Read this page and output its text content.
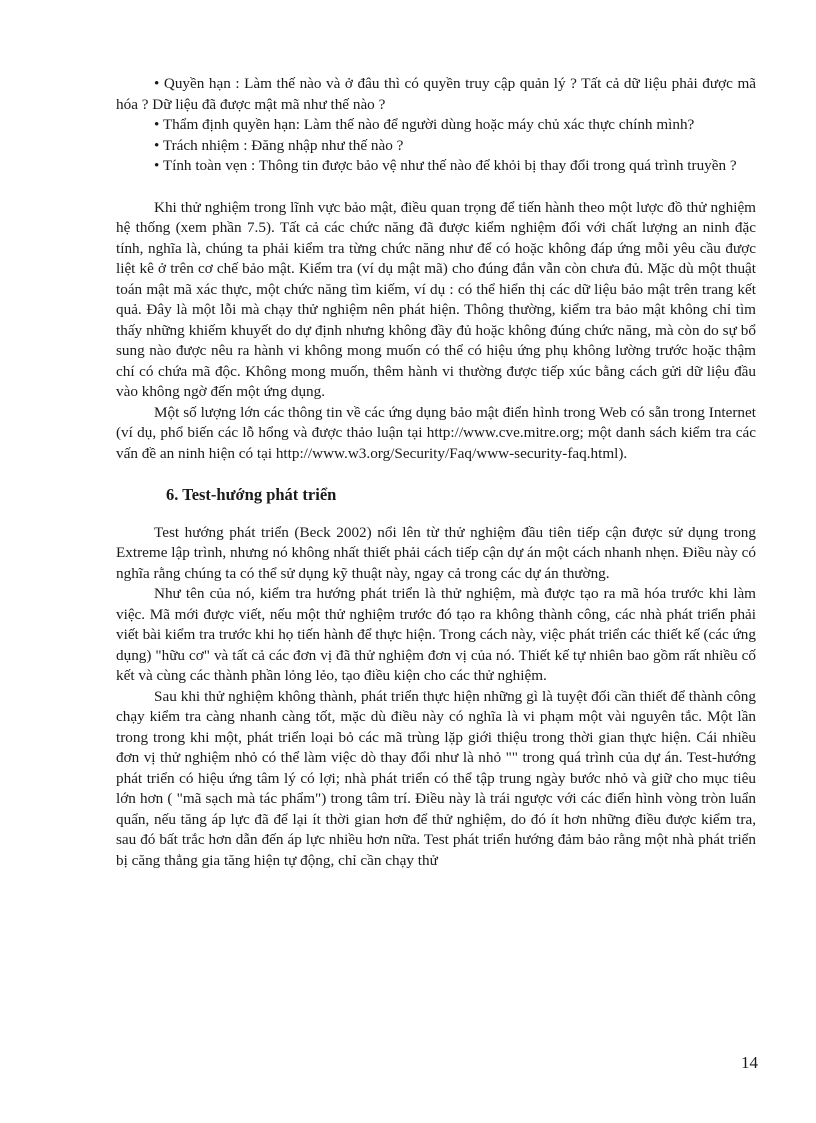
• Quyền hạn : Làm thế nào và ở đâu thì có quyền truy cập quản lý ? Tất cả dữ liệu phải được mã hóa ? Dữ liệu đã được mật mã như thế nào ?

• Thẩm định quyền hạn: Làm thế nào để người dùng hoặc máy chủ xác thực chính mình?

• Trách nhiệm : Đăng nhập như thế nào ?

• Tính toàn vẹn : Thông tin được bảo vệ như thế nào để khỏi bị thay đổi trong quá trình truyền ?

Khi thử nghiệm trong lĩnh vực bảo mật, điều quan trọng để tiến hành theo một lược đồ thử nghiệm hệ thống (xem phần 7.5). Tất cả các chức năng đã được kiểm nghiệm đối với chất lượng an ninh đặc tính, nghĩa là, chúng ta phải kiểm tra từng chức năng như để có hoặc không đáp ứng mỗi yêu cầu được liệt kê ở trên cơ chế bảo mật. Kiểm tra (ví dụ mật mã) cho đúng đắn vẫn còn chưa đủ. Mặc dù một thuật toán mật mã xác thực, một chức năng tìm kiếm, ví dụ : có thể hiển thị các dữ liệu bảo mật trên trang kết quả. Đây là một lỗi mà chạy thử nghiệm nên phát hiện. Thông thường, kiểm tra bảo mật không chỉ tìm thấy những khiếm khuyết do dự định nhưng không đầy đủ hoặc không đúng chức năng, mà còn do sự bổ sung nào được nêu ra hành vi không mong muốn có thể có hiệu ứng phụ không lường trước hoặc thậm chí có chứa mã độc. Không mong muốn, thêm hành vi thường được tiếp xúc bằng cách gửi dữ liệu đầu vào không ngờ đến một ứng dụng.

Một số lượng lớn các thông tin về các ứng dụng bảo mật điển hình trong Web có sẵn trong Internet (ví dụ, phổ biến các lỗ hổng và được thảo luận tại http://www.cve.mitre.org; một danh sách kiểm tra các vấn đề an ninh hiện có tại http://www.w3.org/Security/Faq/www-security-faq.html).

6. Test-hướng phát triển

Test hướng phát triển (Beck 2002) nổi lên từ thử nghiệm đầu tiên tiếp cận được sử dụng trong Extreme lập trình, nhưng nó không nhất thiết phải cách tiếp cận dự án một cách nhanh nhẹn. Điều này có nghĩa rằng chúng ta có thể sử dụng kỹ thuật này, ngay cả trong các dự án thường.

Như tên của nó, kiểm tra hướng phát triển là thử nghiệm, mà được tạo ra mã hóa trước khi làm việc. Mã mới được viết, nếu một thử nghiệm trước đó tạo ra không thành công, các nhà phát triển phải viết bài kiểm tra trước khi họ tiến hành để thực hiện. Trong cách này, việc phát triển các thiết kế (các ứng dụng) "hữu cơ" và tất cả các đơn vị đã thử nghiệm đơn vị của nó. Thiết kế tự nhiên bao gồm rất nhiều cố kết và cùng các thành phần lỏng lẻo, tạo điều kiện cho các thử nghiệm.

Sau khi thử nghiệm không thành, phát triển thực hiện những gì là tuyệt đối cần thiết để thành công chạy kiểm tra càng nhanh càng tốt, mặc dù điều này có nghĩa là vi phạm một vài nguyên tắc. Một lần trong trong khi một, phát triển loại bỏ các mã trùng lặp giới thiệu trong thời gian thực hiện. Cái nhiều đơn vị thử nghiệm nhỏ có thể làm việc dò thay đổi như là nhỏ "" trong quá trình của dự án. Test-hướng phát triển có hiệu ứng tâm lý có lợi; nhà phát triển có thể tập trung ngày bước nhỏ và giữ cho mục tiêu lớn hơn ( "mã sạch mà tác phẩm") trong tâm trí. Điều này là trái ngược với các điển hình vòng tròn luẩn quẩn, nếu tăng áp lực đã để lại ít thời gian hơn để thử nghiệm, do đó ít hơn những điều được kiểm tra, sau đó bất trắc hơn dẫn đến áp lực nhiều hơn nữa. Test phát triển hướng đảm bảo rằng một nhà phát triển bị căng thẳng gia tăng hiện tự động, chỉ cần chạy thử

14
